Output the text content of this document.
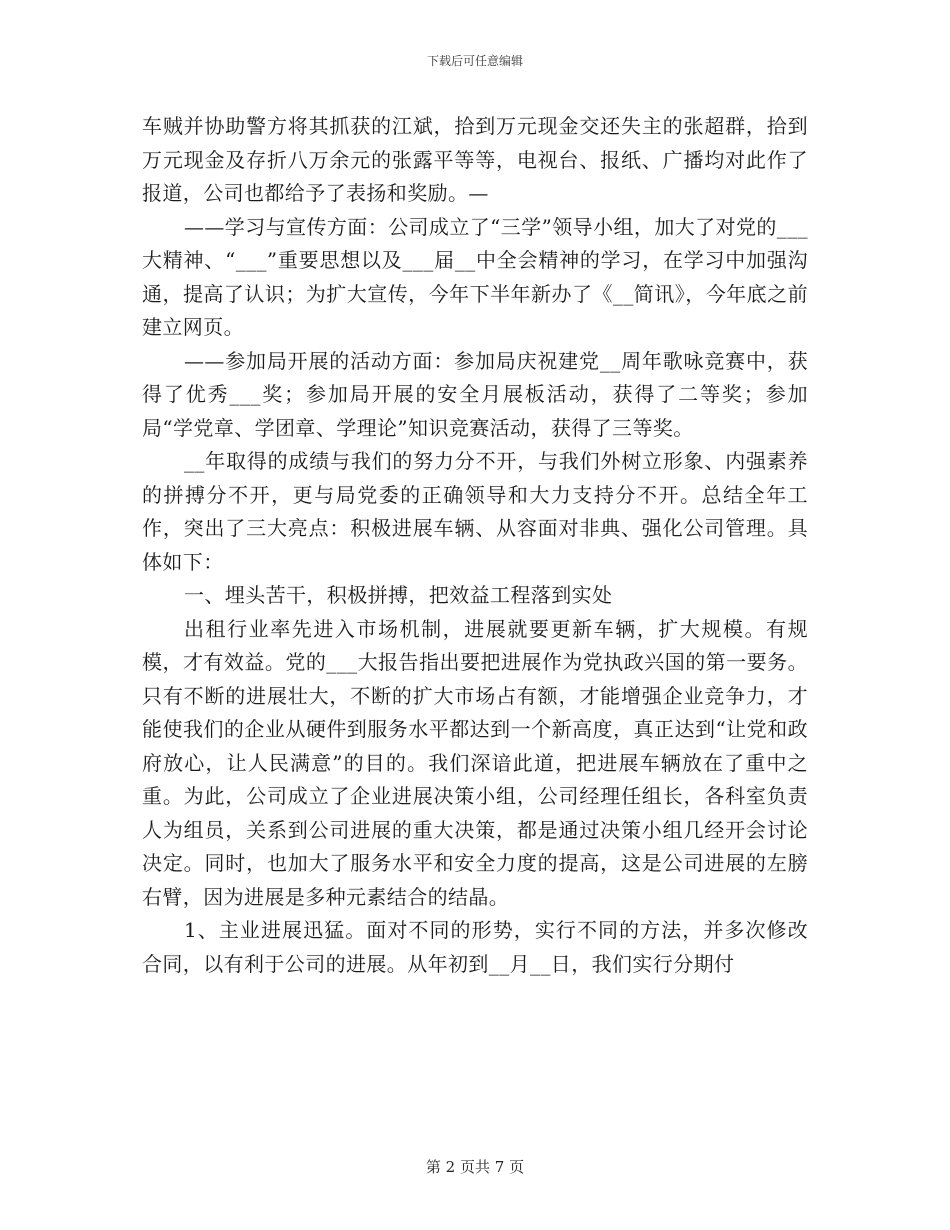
下载后可任意编辑

车贼并协助警方将其抓获的江斌，拾到万元现金交还失主的张超群，拾到万元现金及存折八万余元的张露平等等，电视台、报纸、广播均对此作了报道，公司也都给予了表扬和奖励。—

——学习与宣传方面：公司成立了“三学”领导小组，加大了对党的___大精神、“___”重要思想以及___届__中全会精神的学习，在学习中加强沟通，提高了认识；为扩大宣传，今年下半年新办了《__简讯》，今年底之前建立网页。

——参加局开展的活动方面：参加局庆祝建党__周年歌咏竞赛中，获得了优秀___奖；参加局开展的安全月展板活动，获得了二等奖；参加局“学党章、学团章、学理论”知识竞赛活动，获得了三等奖。

__年取得的成绩与我们的努力分不开，与我们外树立形象、内强素养的拼搏分不开，更与局党委的正确领导和大力支持分不开。总结全年工作，突出了三大亮点：积极进展车辆、从容面对非典、强化公司管理。具体如下：

一、埋头苦干，积极拼搏，把效益工程落到实处

出租行业率先进入市场机制，进展就要更新车辆，扩大规模。有规模，才有效益。党的___大报告指出要把进展作为党执政兴国的第一要务。只有不断的进展壮大，不断的扩大市场占有额，才能增强企业竞争力，才能使我们的企业从硬件到服务水平都达到一个新高度，真正达到“让党和政府放心，让人民满意”的目的。我们深谙此道，把进展车辆放在了重中之重。为此，公司成立了企业进展决策小组，公司经理任组长，各科室负责人为组员，关系到公司进展的重大决策，都是通过决策小组几经开会讨论决定。同时，也加大了服务水平和安全力度的提高，这是公司进展的左膀右臂，因为进展是多种元素结合的结晶。

1、主业进展迅猛。面对不同的形势，实行不同的方法，并多次修改合同，以有利于公司的进展。从年初到__月__日，我们实行分期付

第 2 页共 7 页
